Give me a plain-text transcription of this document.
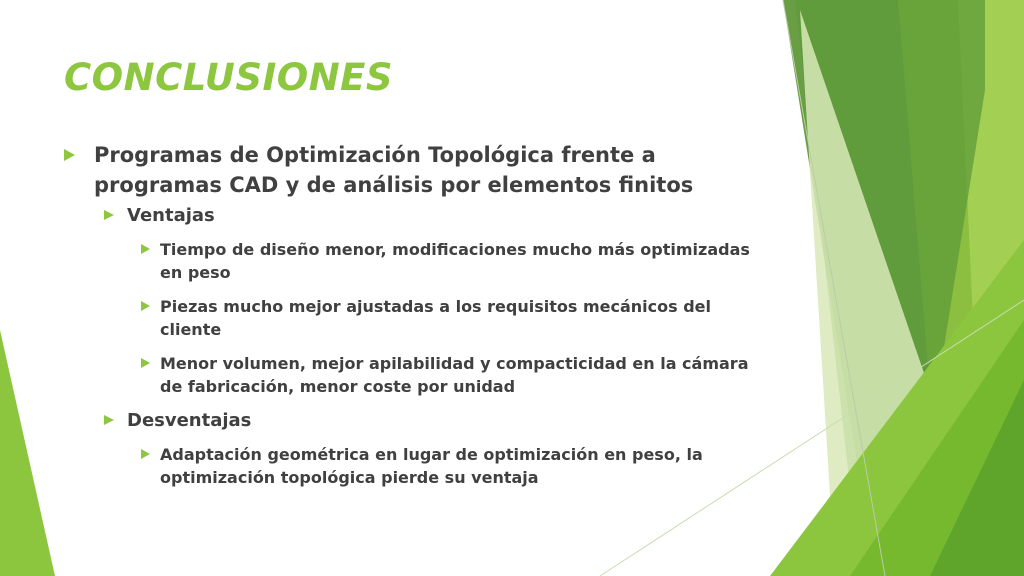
CONCLUSIONES
Programas de Optimización Topológica frente a programas CAD y de análisis por elementos finitos
Ventajas
Tiempo de diseño menor, modificaciones mucho más optimizadas en peso
Piezas mucho mejor ajustadas a los requisitos mecánicos del cliente
Menor volumen, mejor apilabilidad y compacticidad en la cámara de fabricación, menor coste por unidad
Desventajas
Adaptación geométrica en lugar de optimización en peso, la optimización topológica pierde su ventaja
